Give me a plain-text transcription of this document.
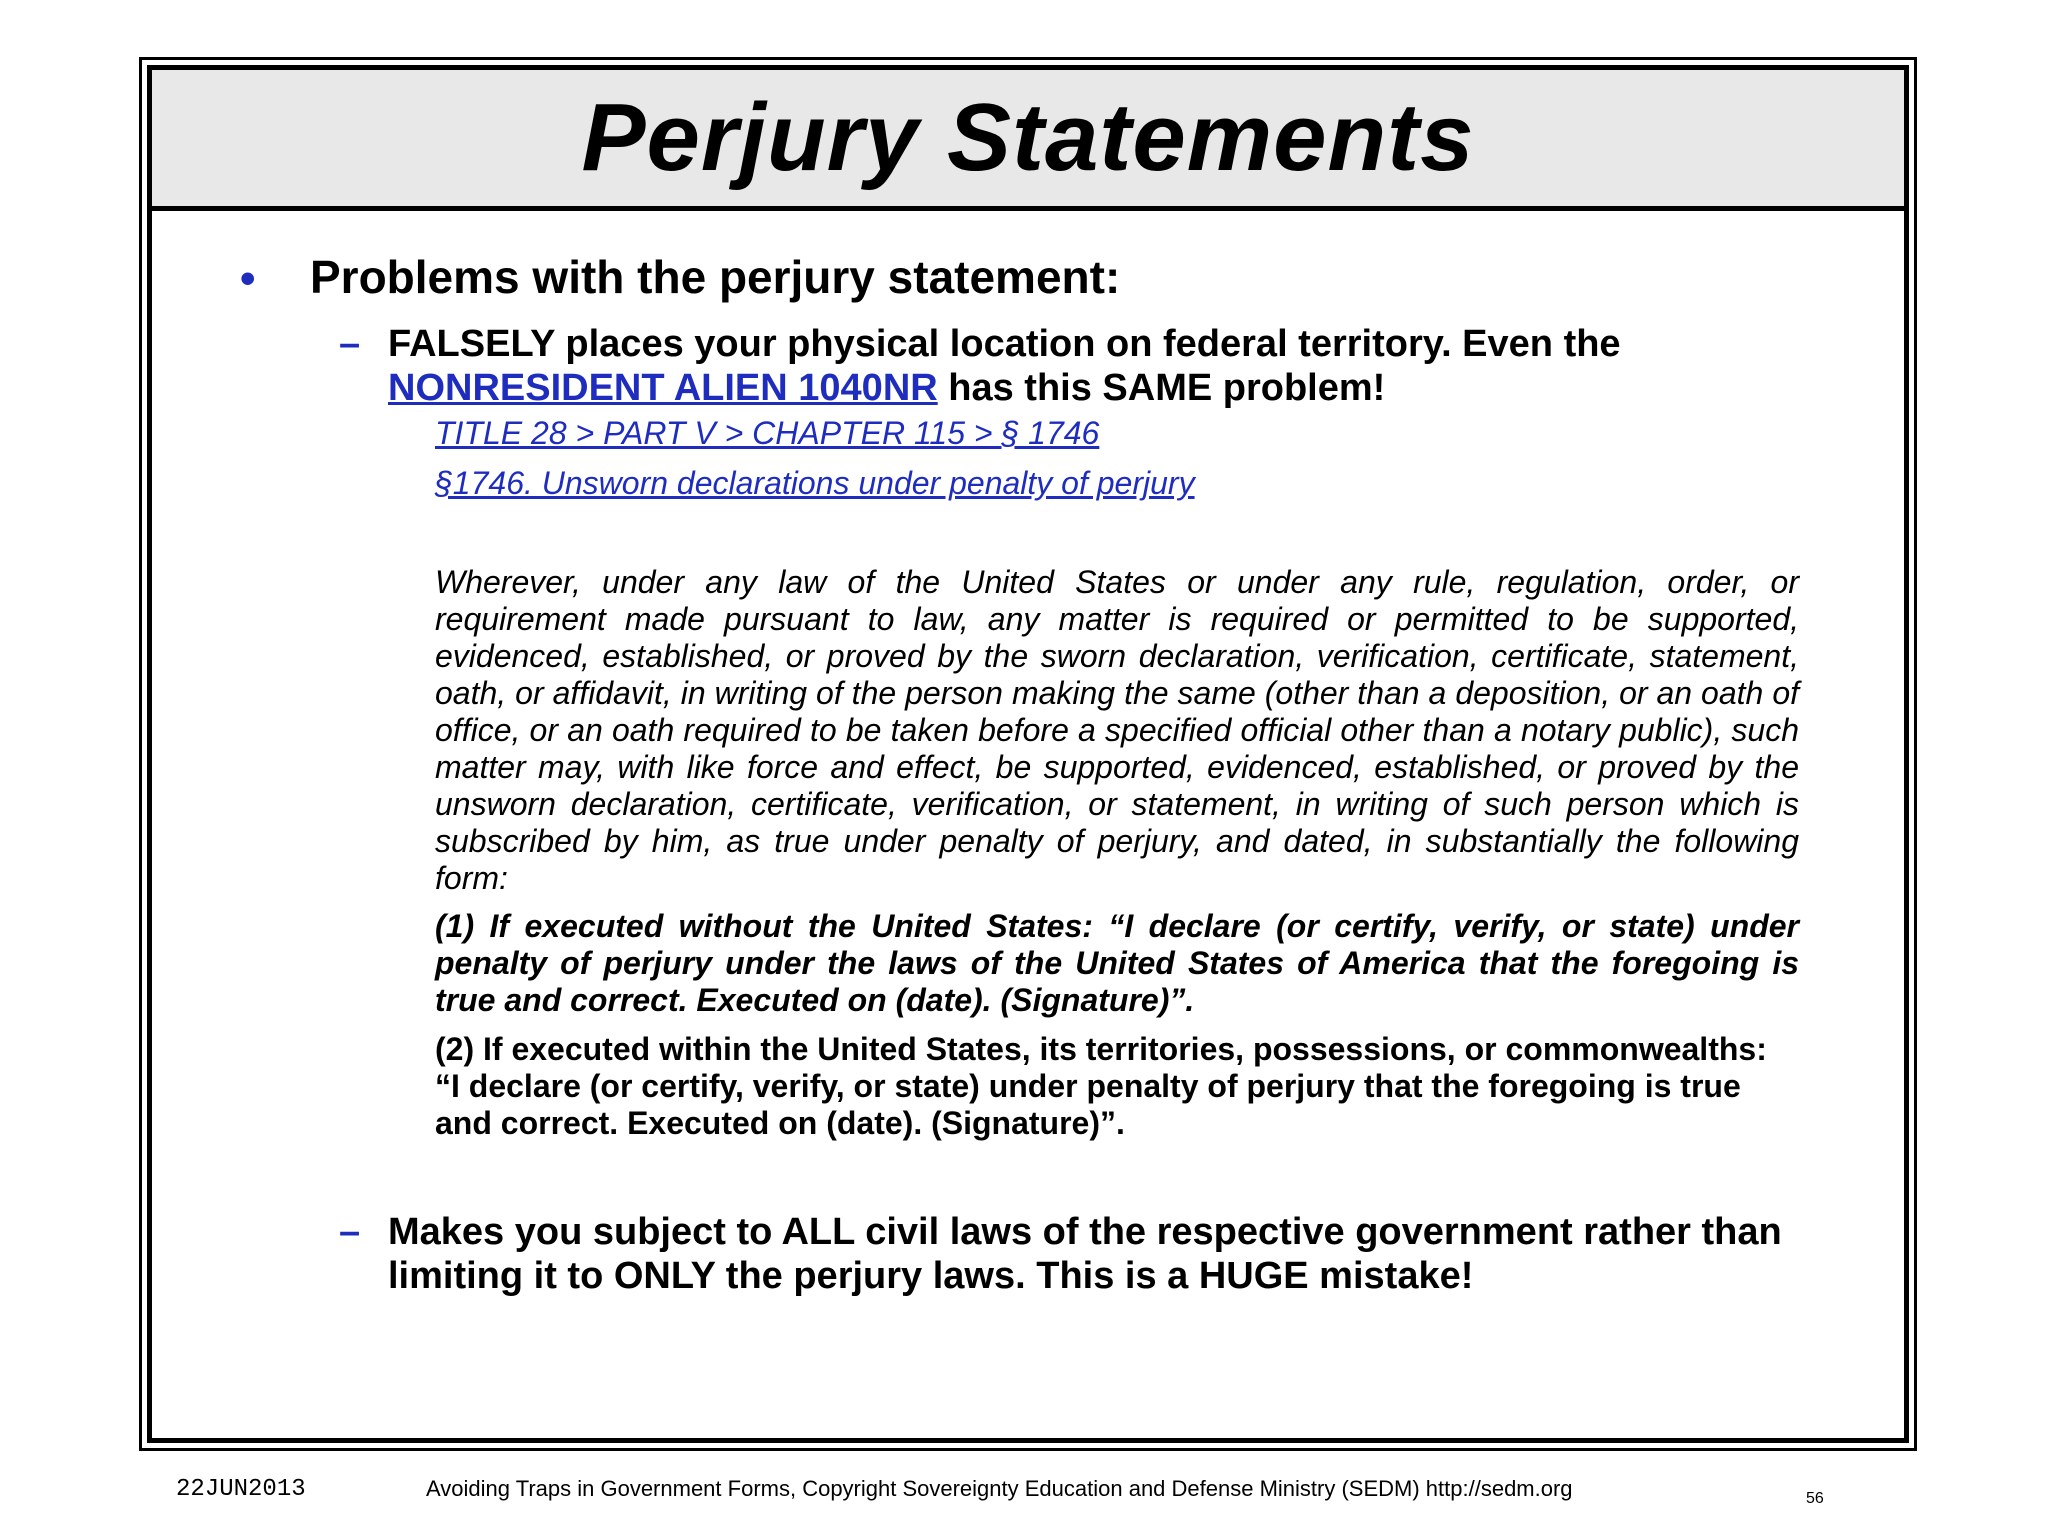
Perjury Statements
•	Problems with the perjury statement:
– FALSELY places your physical location on federal territory. Even the
NONRESIDENT ALIEN 1040NR has this SAME problem!
TITLE 28 > PART V > CHAPTER 115 > § 1746
§1746. Unsworn declarations under penalty of perjury
Wherever, under any law of the United States or under any rule, regulation, order, or requirement made pursuant to law, any matter is required or permitted to be supported, evidenced, established, or proved by the sworn declaration, verification, certificate, statement, oath, or affidavit, in writing of the person making the same (other than a deposition, or an oath of office, or an oath required to be taken before a specified official other than a notary public), such matter may, with like force and effect, be supported, evidenced, established, or proved by the unsworn declaration, certificate, verification, or statement, in writing of such person which is subscribed by him, as true under penalty of perjury, and dated, in substantially the following form:
(1) If executed without the United States: “I declare (or certify, verify, or state) under penalty of perjury under the laws of the United States of America that the foregoing is true and correct. Executed on (date). (Signature)”.
(2) If executed within the United States, its territories, possessions, or commonwealths: “I declare (or certify, verify, or state) under penalty of perjury that the foregoing is true and correct. Executed on (date). (Signature)”.
– Makes you subject to ALL civil laws of the respective government rather than limiting it to ONLY the perjury laws. This is a HUGE mistake!
22JUN2013	Avoiding Traps in Government Forms, Copyright Sovereignty Education and Defense Ministry (SEDM) http://sedm.org	56
